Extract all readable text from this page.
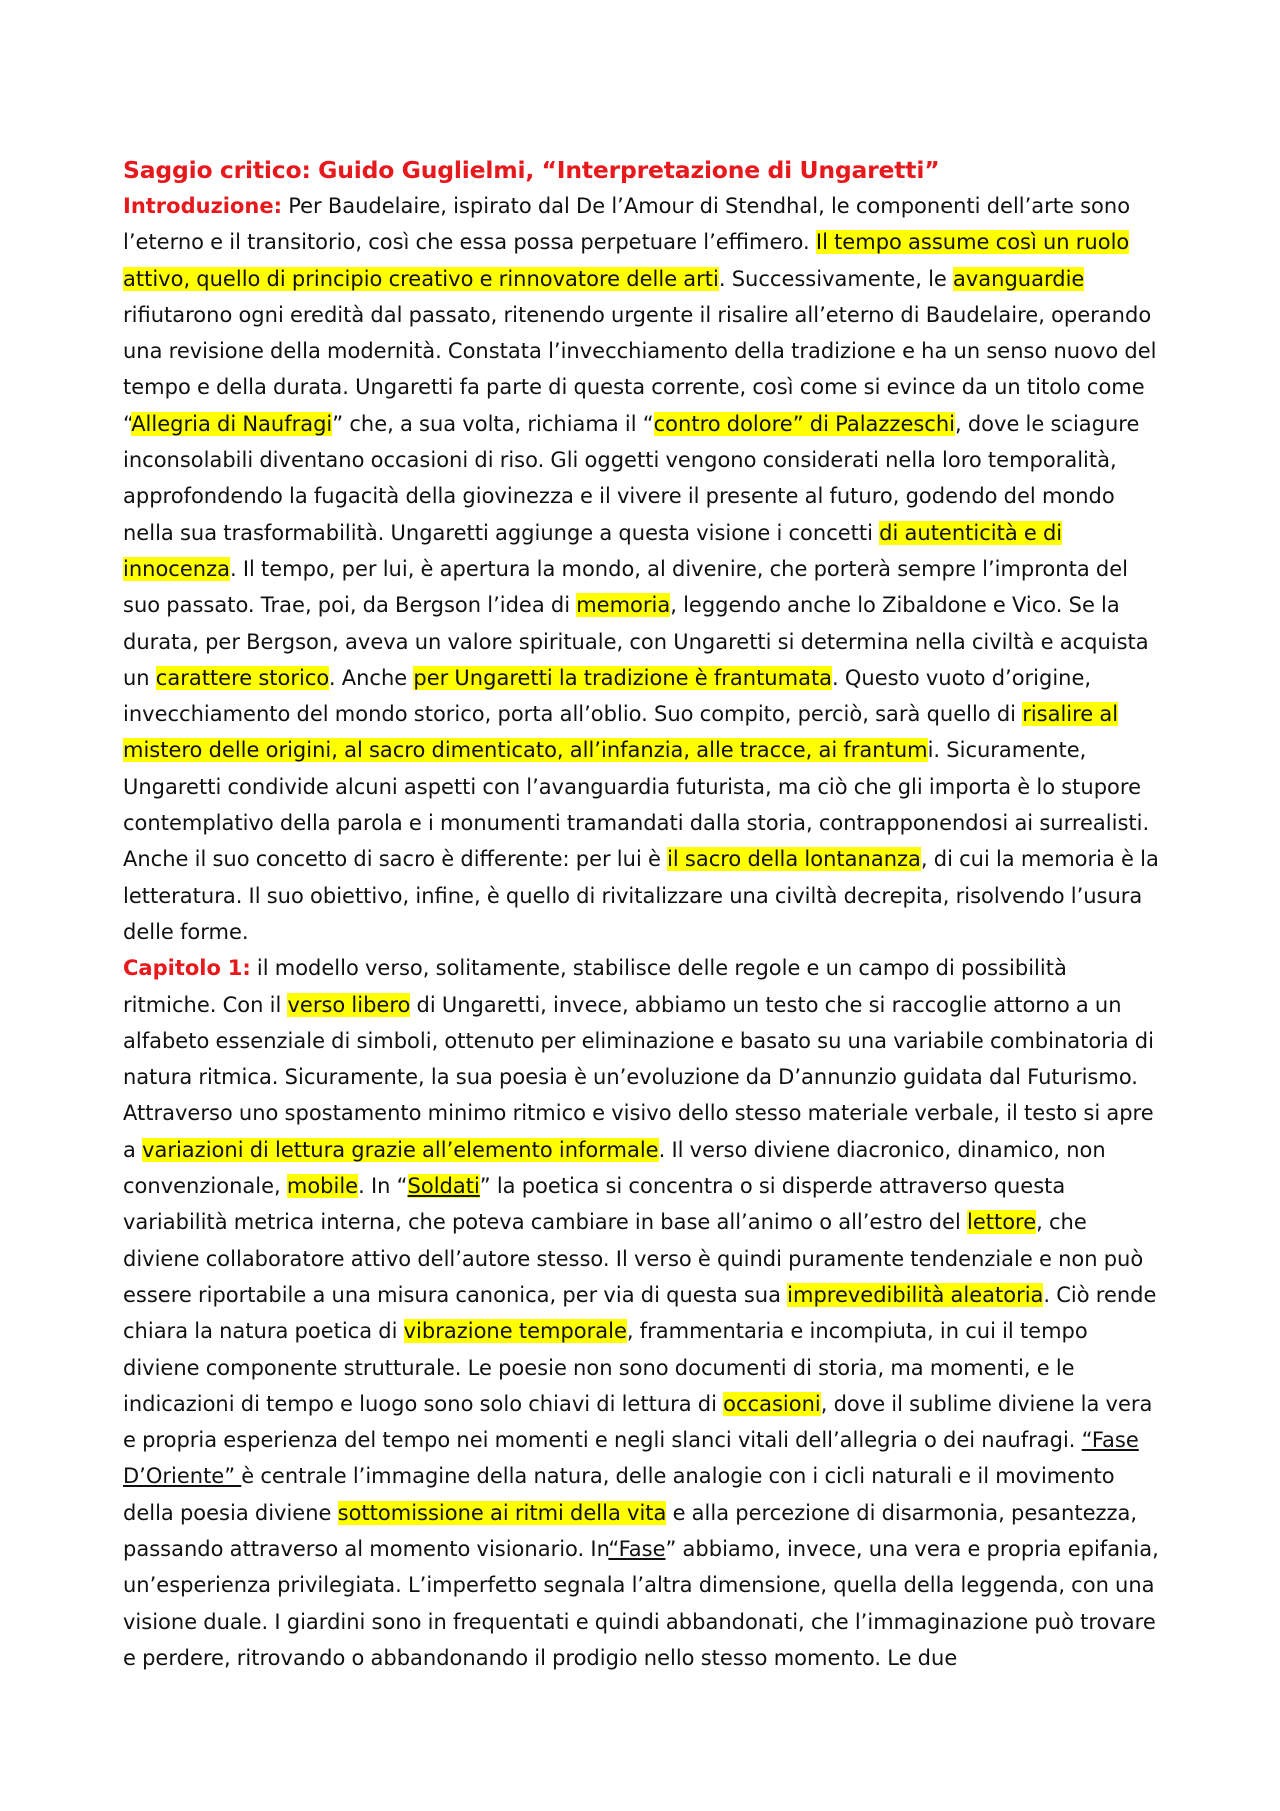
Saggio critico: Guido Guglielmi, “Interpretazione di Ungaretti”

Introduzione: Per Baudelaire, ispirato dal De l’Amour di Stendhal, le componenti dell’arte sono l’eterno e il transitorio, così che essa possa perpetuare l’effimero. Il tempo assume così un ruolo attivo, quello di principio creativo e rinnovatore delle arti. Successivamente, le avanguardie rifiutarono ogni eredità dal passato, ritenendo urgente il risalire all’eterno di Baudelaire, operando una revisione della modernità. Constata l’invecchiamento della tradizione e ha un senso nuovo del tempo e della durata. Ungaretti fa parte di questa corrente, così come si evince da un titolo come “Allegria di Naufragi” che, a sua volta, richiama il “contro dolore” di Palazzeschi, dove le sciagure inconsolabili diventano occasioni di riso. Gli oggetti vengono considerati nella loro temporalità, approfondendo la fugacità della giovinezza e il vivere il presente al futuro, godendo del mondo nella sua trasformabilità. Ungaretti aggiunge a questa visione i concetti di autenticità e di innocenza. Il tempo, per lui, è apertura la mondo, al divenire, che porterà sempre l’impronta del suo passato. Trae, poi, da Bergson l’idea di memoria, leggendo anche lo Zibaldone e Vico. Se la durata, per Bergson, aveva un valore spirituale, con Ungaretti si determina nella civiltà e acquista un carattere storico. Anche per Ungaretti la tradizione è frantumata. Questo vuoto d’origine, invecchiamento del mondo storico, porta all’oblio. Suo compito, perciò, sarà quello di risalire al mistero delle origini, al sacro dimenticato, all’infanzia, alle tracce, ai frantumi. Sicuramente, Ungaretti condivide alcuni aspetti con l’avanguardia futurista, ma ciò che gli importa è lo stupore contemplativo della parola e i monumenti tramandati dalla storia, contrapponendosi ai surrealisti. Anche il suo concetto di sacro è differente: per lui è il sacro della lontananza, di cui la memoria è la letteratura. Il suo obiettivo, infine, è quello di rivitalizzare una civiltà decrepita, risolvendo l’usura delle forme.

Capitolo 1: il modello verso, solitamente, stabilisce delle regole e un campo di possibilità ritmiche. Con il verso libero di Ungaretti, invece, abbiamo un testo che si raccoglie attorno a un alfabeto essenziale di simboli, ottenuto per eliminazione e basato su una variabile combinatoria di natura ritmica. Sicuramente, la sua poesia è un’evoluzione da D’annunzio guidata dal Futurismo. Attraverso uno spostamento minimo ritmico e visivo dello stesso materiale verbale, il testo si apre a variazioni di lettura grazie all’elemento informale. Il verso diviene diacronico, dinamico, non convenzionale, mobile. In “Soldati” la poetica si concentra o si disperde attraverso questa variabilità metrica interna, che poteva cambiare in base all’animo o all’estro del lettore, che diviene collaboratore attivo dell’autore stesso. Il verso è quindi puramente tendenziale e non può essere riportabile a una misura canonica, per via di questa sua imprevedibilità aleatoria. Ciò rende chiara la natura poetica di vibrazione temporale, frammentaria e incompiuta, in cui il tempo diviene componente strutturale. Le poesie non sono documenti di storia, ma momenti, e le indicazioni di tempo e luogo sono solo chiavi di lettura di occasioni, dove il sublime diviene la vera e propria esperienza del tempo nei momenti e negli slanci vitali dell’allegria o dei naufragi. “Fase D’Oriente” è centrale l’immagine della natura, delle analogie con i cicli naturali e il movimento della poesia diviene sottomissione ai ritmi della vita e alla percezione di disarmonia, pesantezza, passando attraverso al momento visionario. In“Fase” abbiamo, invece, una vera e propria epifania, un’esperienza privilegiata. L’imperfetto segnala l’altra dimensione, quella della leggenda, con una visione duale. I giardini sono in frequentati e quindi abbandonati, che l’immaginazione può trovare e perdere, ritrovando o abbandonando il prodigio nello stesso momento. Le due
